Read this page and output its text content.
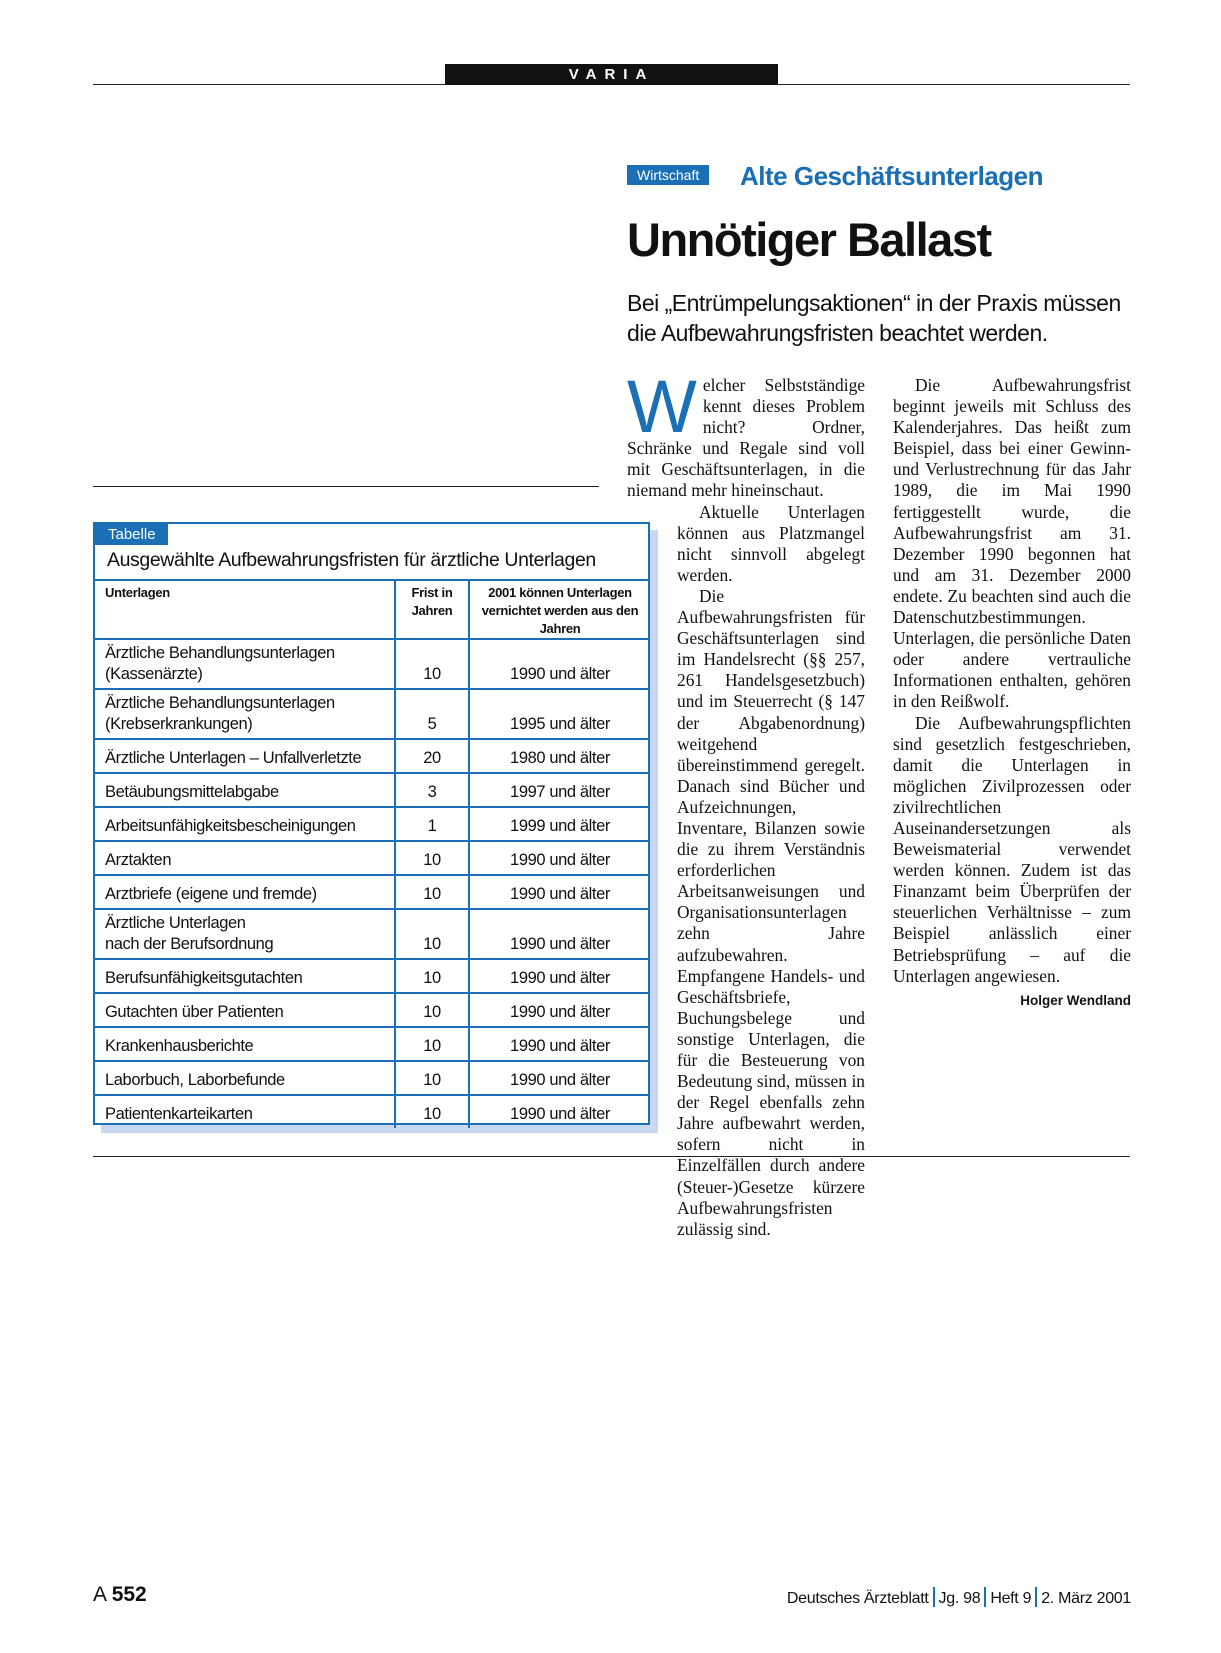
VARIA
Wirtschaft	Alte Geschäftsunterlagen
Unnötiger Ballast
Bei „Entrümpelungsaktionen“ in der Praxis müssen die Aufbewahrungsfristen beachtet werden.

Welcher Selbstständige kennt dieses Problem nicht? Ordner, Schränke und Regale sind voll mit Geschäftsunterlagen, in die niemand mehr hineinschaut.

Aktuelle Unterlagen können aus Platzmangel nicht sinnvoll abgelegt werden.

Die Aufbewahrungsfristen für Geschäftsunterlagen sind im Handelsrecht (§§ 257, 261 Handelsgesetzbuch) und im Steuerrecht (§ 147 der Abgabenordnung) weitgehend übereinstimmend geregelt. Danach sind Bücher und Aufzeichnungen, Inventare, Bilanzen sowie die zu ihrem Verständnis erforderlichen Arbeitsanweisungen und Organisationsunterlagen zehn Jahre aufzubewahren. Empfangene Handels- und Geschäftsbriefe, Buchungsbelege und sonstige Unterlagen, die für die Besteuerung von Bedeutung sind, müssen in der Regel ebenfalls zehn Jahre aufbewahrt werden, sofern nicht in Einzelfällen durch andere (Steuer-)Gesetze kürzere Aufbewahrungsfristen zulässig sind.

Die Aufbewahrungsfrist beginnt jeweils mit Schluss des Kalenderjahres. Das heißt zum Beispiel, dass bei einer Gewinn- und Verlustrechnung für das Jahr 1989, die im Mai 1990 fertiggestellt wurde, die Aufbewahrungsfrist am 31. Dezember 1990 begonnen hat und am 31. Dezember 2000 endete. Zu beachten sind auch die Datenschutzbestimmungen. Unterlagen, die persönliche Daten oder andere vertrauliche Informationen enthalten, gehören in den Reißwolf.

Die Aufbewahrungspflichten sind gesetzlich festgeschrieben, damit die Unterlagen in möglichen Zivilprozessen oder zivilrechtlichen Auseinandersetzungen als Beweismaterial verwendet werden können. Zudem ist das Finanzamt beim Überprüfen der steuerlichen Verhältnisse – zum Beispiel anlässlich einer Betriebsprüfung – auf die Unterlagen angewiesen.
Holger Wendland

Tabelle
Ausgewählte Aufbewahrungsfristen für ärztliche Unterlagen
Unterlagen	Frist in Jahren	2001 können Unterlagen vernichtet werden aus den Jahren
Ärztliche Behandlungsunterlagen
(Kassenärzte)	10	1990 und älter
Ärztliche Behandlungsunterlagen
(Krebserkrankungen)	5	1995 und älter
Ärztliche Unterlagen – Unfallverletzte	20	1980 und älter
Betäubungsmittelabgabe	3	1997 und älter
Arbeitsunfähigkeitsbescheinigungen	1	1999 und älter
Arztakten	10	1990 und älter
Arztbriefe (eigene und fremde)	10	1990 und älter
Ärztliche Unterlagen
nach der Berufsordnung	10	1990 und älter
Berufsunfähigkeitsgutachten	10	1990 und älter
Gutachten über Patienten	10	1990 und älter
Krankenhausberichte	10	1990 und älter
Laborbuch, Laborbefunde	10	1990 und älter
Patientenkarteikarten	10	1990 und älter
A 552	Deutsches Ärzteblatt Jg. 98 Heft 9 2. März 2001
